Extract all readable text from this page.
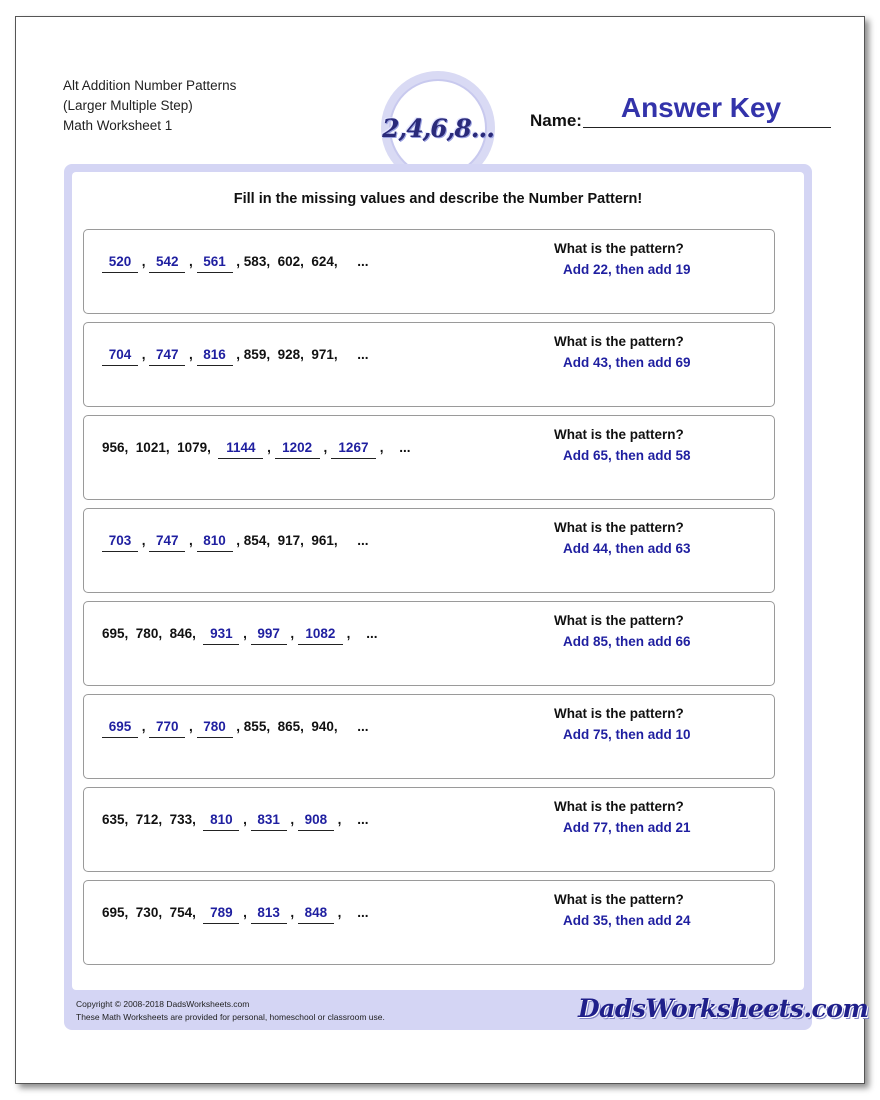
Alt Addition Number Patterns
(Larger Multiple Step)
Math Worksheet 1	2,4,6,8... Name:	Answer Key
Fill in the missing values and describe the Number Pattern!
520 , 542 , 561 , 583 , 602 , 624 , ...
What is the pattern?
Add 22, then add 19
704 , 747 , 816 , 859 , 928 , 971 , ...
What is the pattern?
Add 43, then add 69
956 , 1021 , 1079 , 1144 , 1202 , 1267 , ...
What is the pattern?
Add 65, then add 58
703 , 747 , 810 , 854 , 917 , 961 , ...
What is the pattern?
Add 44, then add 63
695 , 780 , 846 , 931 , 997 , 1082 , ...
What is the pattern?
Add 85, then add 66
695 , 770 , 780 , 855 , 865 , 940 , ...
What is the pattern?
Add 75, then add 10
635 , 712 , 733 , 810 , 831 , 908 , ...
What is the pattern?
Add 77, then add 21
695 , 730 , 754 , 789 , 813 , 848 , ...
What is the pattern?
Add 35, then add 24
Copyright © 2008-2018 DadsWorksheets.com
These Math Worksheets are provided for personal, homeschool or classroom use.	DadsWorksheets.com
